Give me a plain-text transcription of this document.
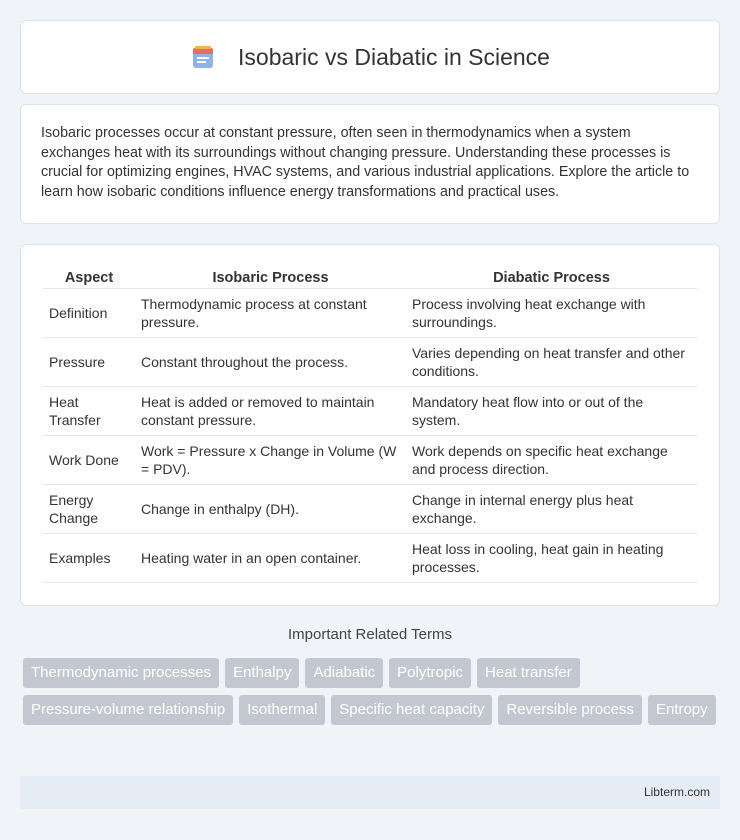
Isobaric vs Diabatic in Science

Isobaric processes occur at constant pressure, often seen in thermodynamics when a system exchanges heat with its surroundings without changing pressure. Understanding these processes is crucial for optimizing engines, HVAC systems, and various industrial applications. Explore the article to learn how isobaric conditions influence energy transformations and practical uses.

Aspect	Isobaric Process	Diabatic Process
Definition	Thermodynamic process at constant pressure.	Process involving heat exchange with surroundings.
Pressure	Constant throughout the process.	Varies depending on heat transfer and other conditions.
Heat Transfer	Heat is added or removed to maintain constant pressure.	Mandatory heat flow into or out of the system.
Work Done	Work = Pressure x Change in Volume (W = PDV).	Work depends on specific heat exchange and process direction.
Energy Change	Change in enthalpy (DH).	Change in internal energy plus heat exchange.
Examples	Heating water in an open container.	Heat loss in cooling, heat gain in heating processes.
Important Related Terms
Thermodynamic processes	Enthalpy	Adiabatic	Polytropic	Heat transfer
Pressure-volume relationship	Isothermal	Specific heat capacity	Reversible process	Entropy
Libterm.com
